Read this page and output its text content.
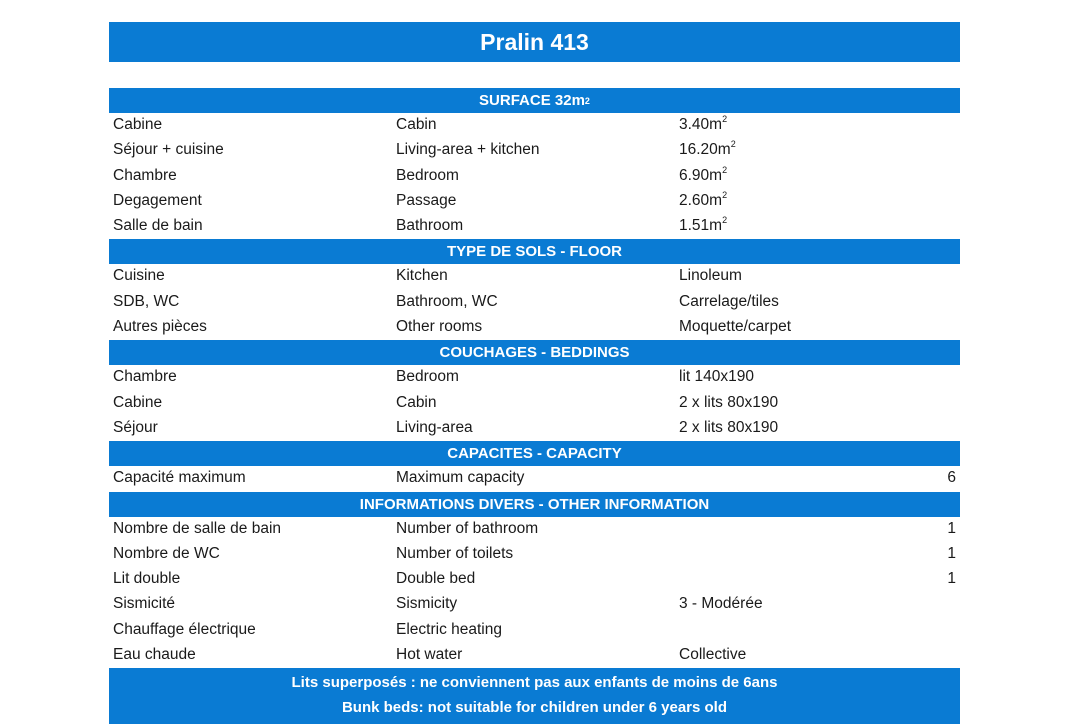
Pralin 413
SURFACE 32m 2
Cabine	Cabin	$3.40m^2$
Séjour + cuisine	Living-area + kitchen	$16.20m^2$
Chambre	Bedroom	$6.90m^2$
Degagement	Passage	$2.60m^2$
Salle de bain	Bathroom	$1.51m^2$
TYPE DE SOLS - FLOOR
Cuisine	Kitchen	Linoleum
SDB, WC	Bathroom, WC	Carrelage/tiles
Autres pièces	Other rooms	Moquette/carpet
COUCHAGES - BEDDINGS
Chambre	Bedroom	lit 140x190
Cabine	Cabin	2 x lits 80x190
Séjour	Living-area	2 x lits 80x190
CAPACITES - CAPACITY
Capacité maximum	Maximum capacity	6
INFORMATIONS DIVERS - OTHER INFORMATION
Nombre de salle de bain	Number of bathroom	1
Nombre de WC	Number of toilets	1
Lit double	Double bed	1
Sismicité	Sismicity	3 - Modérée
Chauffage électrique	Electric heating
Eau chaude	Hot water	Collective
Lits superposés : ne conviennent pas aux enfants de moins de 6ans
Bunk beds: not suitable for children under 6 years old
